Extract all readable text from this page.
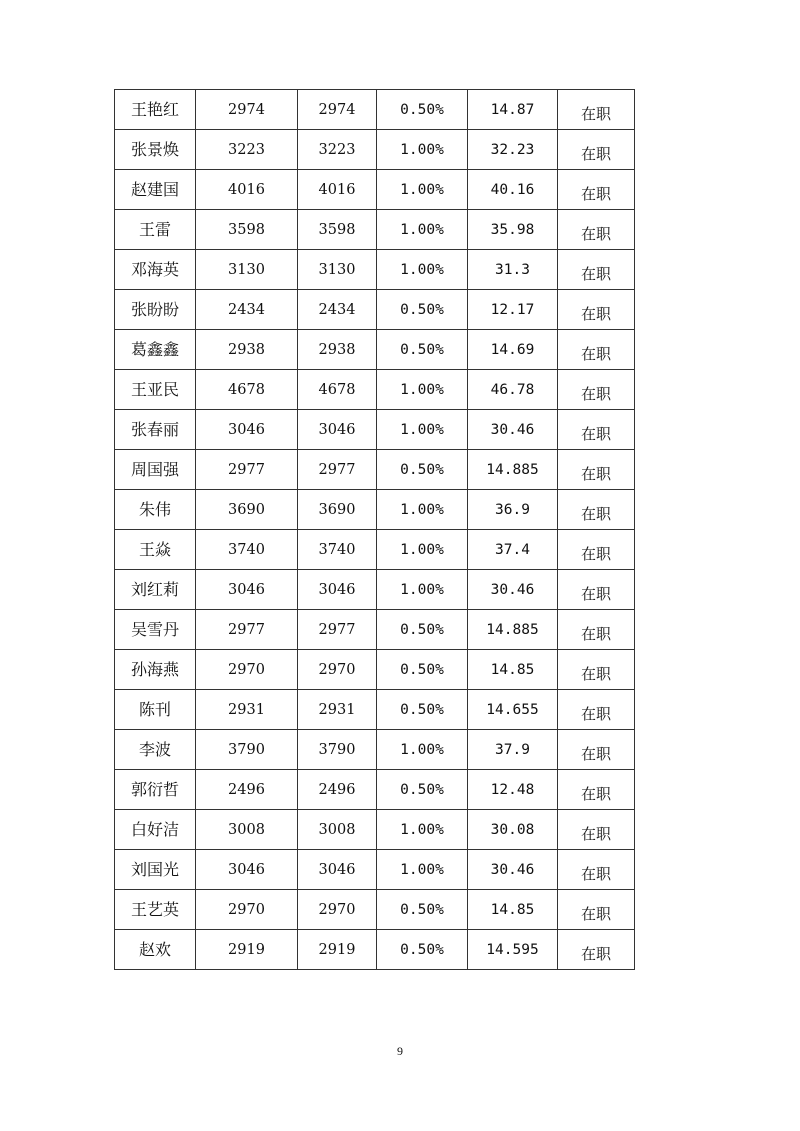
王艳红	2974	2974	0.50%	14.87	在职
张景焕	3223	3223	1.00%	32.23	在职
赵建国	4016	4016	1.00%	40.16	在职
王雷	3598	3598	1.00%	35.98	在职
邓海英	3130	3130	1.00%	31.3	在职
张盼盼	2434	2434	0.50%	12.17	在职
葛鑫鑫	2938	2938	0.50%	14.69	在职
王亚民	4678	4678	1.00%	46.78	在职
张春丽	3046	3046	1.00%	30.46	在职
周国强	2977	2977	0.50%	14.885	在职
朱伟	3690	3690	1.00%	36.9	在职
王焱	3740	3740	1.00%	37.4	在职
刘红莉	3046	3046	1.00%	30.46	在职
吴雪丹	2977	2977	0.50%	14.885	在职
孙海燕	2970	2970	0.50%	14.85	在职
陈刊	2931	2931	0.50%	14.655	在职
李波	3790	3790	1.00%	37.9	在职
郭衍哲	2496	2496	0.50%	12.48	在职
白好洁	3008	3008	1.00%	30.08	在职
刘国光	3046	3046	1.00%	30.46	在职
王艺英	2970	2970	0.50%	14.85	在职
赵欢	2919	2919	0.50%	14.595	在职
9
